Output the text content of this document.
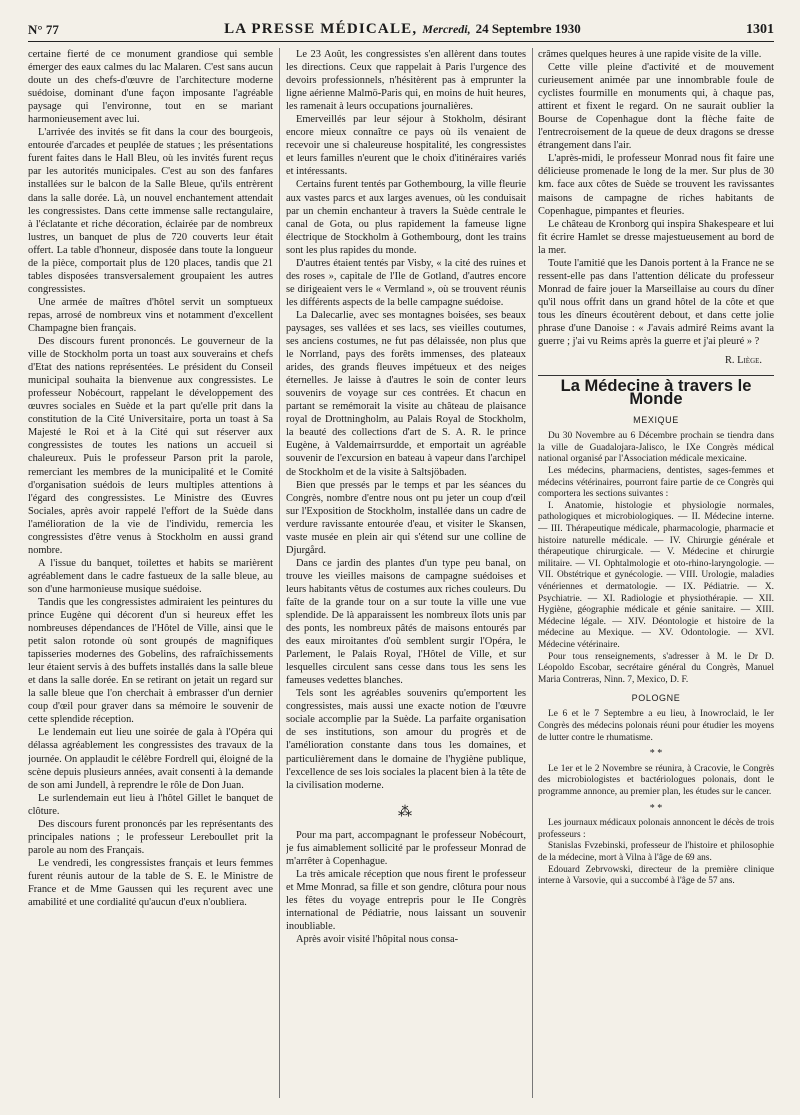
N° 77	LA PRESSE MÉDICALE, Mercredi, 24 Septembre 1930	1301

certaine fierté de ce monument grandiose qui semble émerger des eaux calmes du lac Malaren. C'est sans aucun doute un des chefs-d'œuvre de l'architecture moderne suédoise, dominant d'une façon imposante l'agréable paysage qui l'environne, tout en se mariant harmonieusement avec lui.

L'arrivée des invités se fit dans la cour des bourgeois, entourée d'arcades et peuplée de statues ; les présentations furent faites dans le Hall Bleu, où les invités furent reçus par les autorités municipales. C'est au son des fanfares installées sur le balcon de la Salle Bleue, qu'ils entrèrent dans la salle dorée. Là, un nouvel enchantement attendait les congressistes. Dans cette immense salle rectangulaire, à l'éclatante et riche décoration, éclairée par de nombreux lustres, un banquet de plus de 720 couverts leur était offert. La table d'honneur, disposée dans toute la longueur de la pièce, comportait plus de 120 places, tandis que 21 tables disposées transversalement groupaient les autres congressistes.

Une armée de maîtres d'hôtel servit un somptueux repas, arrosé de nombreux vins et notamment d'excellent Champagne bien français.

Des discours furent prononcés. Le gouverneur de la ville de Stockholm porta un toast aux souverains et chefs d'Etat des nations représentées. Le président du Conseil municipal souhaita la bienvenue aux congressistes. Le professeur Nobécourt, rappelant le développement des œuvres sociales en Suède et la part qu'elle prit dans la constitution de la Cité Universitaire, porta un toast à Sa Majesté le Roi et à la Cité qui sut réserver aux congressistes de toutes les nations un accueil si chaleureux. Puis le professeur Parson prit la parole, remerciant les membres de la municipalité et le Comité d'organisation suédois de leurs multiples attentions à l'égard des congressistes. Le Ministre des Œuvres Sociales, après avoir rappelé l'effort de la Suède dans l'amélioration de la vie de l'individu, remercia les congressistes d'être venus à Stockholm en aussi grand nombre.

A l'issue du banquet, toilettes et habits se marièrent agréablement dans le cadre fastueux de la salle bleue, au son d'une harmonieuse musique suédoise.

Tandis que les congressistes admiraient les peintures du prince Eugène qui décorent d'un si heureux effet les nombreuses dépendances de l'Hôtel de Ville, ainsi que le petit salon rotonde où sont groupés de magnifiques tapisseries modernes des Gobelins, des rafraîchissements leur étaient servis à des buffets installés dans la salle bleue et dans la salle dorée. En se retirant on jetait un regard sur la salle bleue que l'on cherchait à embrasser d'un dernier coup d'œil pour graver dans sa mémoire le souvenir de cette splendide réception.

Le lendemain eut lieu une soirée de gala à l'Opéra qui délassa agréablement les congressistes des travaux de la journée. On applaudit le célèbre Fordrell qui, éloigné de la scène depuis plusieurs années, avait consenti à la demande de son ami Jundell, à reprendre le rôle de Don Juan.

Le surlendemain eut lieu à l'hôtel Gillet le banquet de clôture.

Des discours furent prononcés par les représentants des principales nations ; le professeur Lereboullet prit la parole au nom des Français.

Le vendredi, les congressistes français et leurs femmes furent réunis autour de la table de S. E. le Ministre de France et de Mme Gaussen qui les reçurent avec une amabilité et une cordialité qu'aucun d'eux n'oubliera.

Le 23 Août, les congressistes s'en allèrent dans toutes les directions. Ceux que rappelait à Paris l'urgence des devoirs professionnels, n'hésitèrent pas à emprunter la ligne aérienne Malmö-Paris qui, en moins de huit heures, les ramenait à leurs occupations journalières.

Emerveillés par leur séjour à Stokholm, désirant encore mieux connaître ce pays où ils venaient de recevoir une si chaleureuse hospitalité, les congressistes et leurs familles n'eurent que le choix d'itinéraires variés et intéressants.

Certains furent tentés par Gothembourg, la ville fleurie aux vastes parcs et aux larges avenues, où les conduisait par un chemin enchanteur à travers la Suède centrale le canal de Gota, ou plus rapidement la fameuse ligne électrique de Stockholm à Gothembourg, dont les trains sont les plus rapides du monde.

D'autres étaient tentés par Visby, « la cité des ruines et des roses », capitale de l'Ile de Gotland, d'autres encore se dirigeaient vers le « Vermland », où se trouvent réunis les différents aspects de la belle campagne suédoise.

La Dalecarlie, avec ses montagnes boisées, ses beaux paysages, ses vallées et ses lacs, ses vieilles coutumes, ses anciens costumes, ne fut pas délaissée, non plus que le Norrland, pays des forêts immenses, des plateaux arides, des grands fleuves impétueux et des neiges éternelles. Je laisse à d'autres le soin de conter leurs souvenirs de voyage sur ces contrées. Et chacun en partant se remémorait la visite au château de plaisance royal de Drottningholm, au Palais Royal de Stockholm, la beauté des collections d'art de S. A. R. le prince Eugène, à Valdemairrsurdde, et emportait un agréable souvenir de l'excursion en bateau à vapeur dans l'archipel de Stockholm et de la visite à Saltsjöbaden.

Bien que pressés par le temps et par les séances du Congrès, nombre d'entre nous ont pu jeter un coup d'œil sur l'Exposition de Stockholm, installée dans un cadre de verdure ravissante entourée d'eau, et visiter le Skansen, vaste musée en plein air qui s'étend sur une colline de Djurgård.

Dans ce jardin des plantes d'un type peu banal, on trouve les vieilles maisons de campagne suédoises et leurs habitants vêtus de costumes aux riches couleurs. Du faîte de la grande tour on a sur toute la ville une vue splendide. De là apparaissent les nombreux îlots unis par des ponts, les nombreux pâtés de maisons entourés par des eaux miroitantes d'où semblent surgir l'Opéra, le Parlement, le Palais Royal, l'Hôtel de Ville, et sur lesquelles circulent sans cesse dans tous les sens les fameuses vedettes blanches.

Tels sont les agréables souvenirs qu'emportent les congressistes, mais aussi une exacte notion de l'œuvre sociale accomplie par la Suède. La parfaite organisation de ses institutions, son amour du progrès et de l'amélioration constante dans tous les domaines, et particulièrement dans le domaine de l'hygiène publique, l'excellence de ses lois sociales la placent bien à la tête de la civilisation moderne.

⁂

Pour ma part, accompagnant le professeur Nobécourt, je fus aimablement sollicité par le professeur Monrad de m'arrêter à Copenhague.

La très amicale réception que nous firent le professeur et Mme Monrad, sa fille et son gendre, clôtura pour nous les fêtes du voyage entrepris pour le IIe Congrès international de Pédiatrie, nous laissant un souvenir inoubliable.

Après avoir visité l'hôpital nous consa-

crâmes quelques heures à une rapide visite de la ville.

Cette ville pleine d'activité et de mouvement curieusement animée par une innombrable foule de cyclistes fourmille en monuments qui, à chaque pas, attirent et fixent le regard. On ne saurait oublier la Bourse de Copenhague dont la flèche faite de l'entrecroisement de la queue de deux dragons se dresse étrangement dans l'air.

L'après-midi, le professeur Monrad nous fit faire une délicieuse promenade le long de la mer. Sur plus de 30 km. face aux côtes de Suède se trouvent les ravissantes maisons de campagne de riches habitants de Copenhague, pimpantes et fleuries.

Le château de Kronborg qui inspira Shakespeare et lui fit écrire Hamlet se dresse majestueusement au bord de la mer.

Toute l'amitié que les Danois portent à la France ne se ressent-elle pas dans l'attention délicate du professeur Monrad de faire jouer la Marseillaise au cours du dîner qu'il nous offrit dans un grand hôtel de la côte et que tous les dîneurs écoutèrent debout, et dans cette jolie phrase d'une Danoise : « J'avais admiré Reims avant la guerre ; j'ai vu Reims après la guerre et j'ai pleuré » ?

R. Liège.
La Médecine à travers le Monde
MEXIQUE

Du 30 Novembre au 6 Décembre prochain se tiendra dans la ville de Guadalojara-Jalisco, le IXe Congrès médical national organisé par l'Association médicale mexicaine.

Les médecins, pharmaciens, dentistes, sages-femmes et médecins vétérinaires, pourront faire partie de ce Congrès qui comportera les sections suivantes :

I. Anatomie, histologie et physiologie normales, pathologiques et microbiologiques. — II. Médecine interne. — III. Thérapeutique médicale, pharmacologie, pharmacie et histoire naturelle médicale. — IV. Chirurgie générale et thérapeutique chirurgicale. — V. Médecine et chirurgie militaire. — VI. Ophtalmologie et oto-rhino-laryngologie. — VII. Obstétrique et gynécologie. — VIII. Urologie, maladies vénériennes et dermatologie. — IX. Pédiatrie. — X. Psychiatrie. — XI. Radiologie et physiothérapie. — XII. Hygiène, géographie médicale et génie sanitaire. — XIII. Médecine légale. — XIV. Déontologie et histoire de la médecine au Mexique. — XV. Odontologie. — XVI. Médecine vétérinaire.

Pour tous renseignements, s'adresser à M. le Dr D. Léopoldo Escobar, secrétaire général du Congrès, Manuel Maria Contreras, Ninn. 7, Mexico, D. F.

POLOGNE

Le 6 et le 7 Septembre a eu lieu, à Inowroclaid, le Ier Congrès des médecins polonais réuni pour étudier les moyens de lutter contre le rhumatisme.

* *

Le 1er et le 2 Novembre se réunira, à Cracovie, le Congrès des microbiologistes et bactériologues polonais, dont le programme annonce, au premier plan, les études sur le cancer.

* *

Les journaux médicaux polonais annoncent le décès de trois professeurs :

Stanislas Fvzebinski, professeur de l'histoire et philosophie de la médecine, mort à Vilna à l'âge de 69 ans.

Edouard Zebrvowski, directeur de la première clinique interne à Varsovie, qui a succombé à l'âge de 57 ans.
